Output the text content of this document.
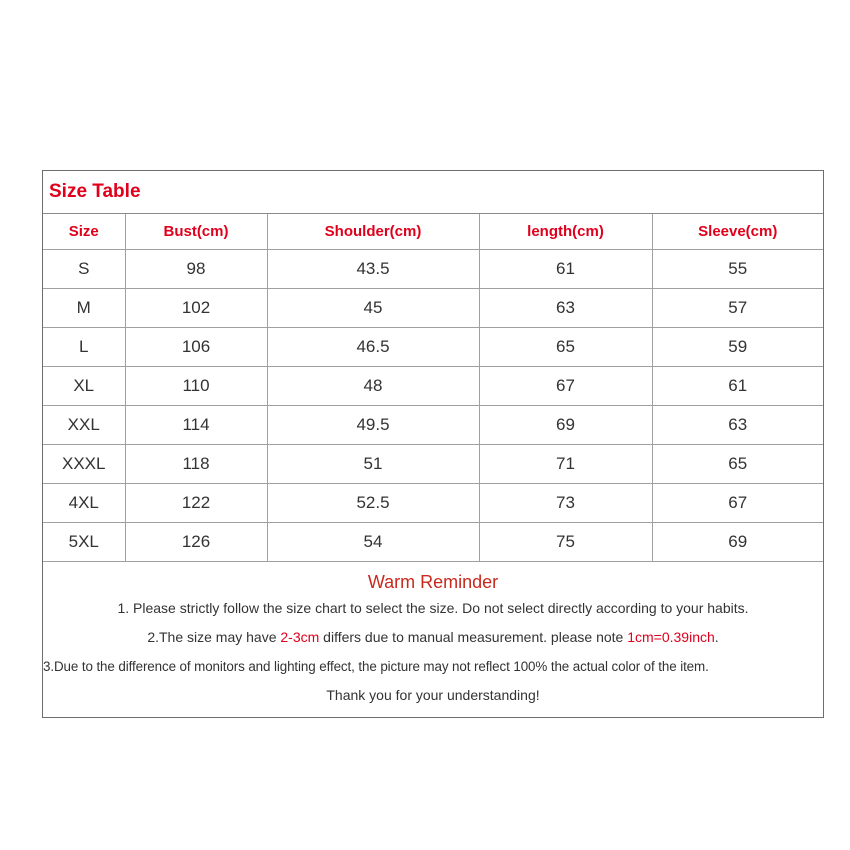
Size Table
Size	Bust(cm)	Shoulder(cm)	length(cm)	Sleeve(cm)
S	98	43.5	61	55
M	102	45	63	57
L	106	46.5	65	59
XL	110	48	67	61
XXL	114	49.5	69	63
XXXL	118	51	71	65
4XL	122	52.5	73	67
5XL	126	54	75	69
Warm Reminder
1. Please strictly follow the size chart to select the size. Do not select directly according to your habits.
2.The size may have 2-3cm differs due to manual measurement. please note 1cm=0.39inch.
3.Due to the difference of monitors and lighting effect, the picture may not reflect 100% the actual color of the item.
Thank you for your understanding!
